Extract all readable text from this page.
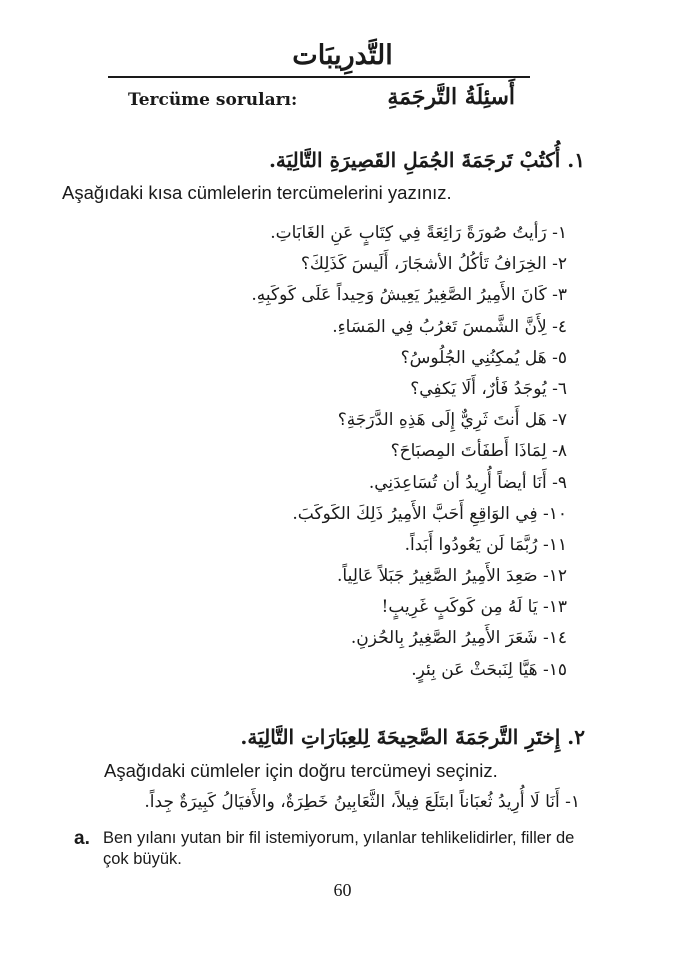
التَّدرِيبَات
Tercüme soruları:	أَسئِلَةُ التَّرجَمَةِ
١. أُكتُبْ تَرجَمَةَ الجُمَلِ القَصِيرَةِ التَّالِيَة.
Aşağıdaki kısa cümlelerin tercümelerini yazınız.
١- رَأيتُ صُورَةً رَائِعَةً فِي كِتَابٍ عَنِ الغَابَاتِ.
٢- الخِرَافُ تَأكُلُ الأشجَارَ، أَلَيسَ كَذَلِكَ؟
٣- كَانَ الأَمِيرُ الصَّغِيرُ يَعِيشُ وَحِيداً عَلَى كَوكَبِهِ.
٤- لِأَنَّ الشَّمسَ تَغرُبُ فِي المَسَاءِ.
٥- هَل يُمكِنُنِي الجُلُوسُ؟
٦- يُوجَدُ فَأرٌ، أَلَا يَكفِي؟
٧- هَل أَنتَ ثَرِيٌّ إِلَى هَذِهِ الدَّرَجَةِ؟
٨- لِمَاذَا أَطفَأتَ المِصبَاحَ؟
٩- أَنَا أيضاً أُرِيدُ أن تُسَاعِدَنِي.
١٠- فِي الوَاقِعِ أَحَبَّ الأَمِيرُ ذَلِكَ الكَوكَبَ.
١١- رُبَّمَا لَن يَعُودُوا أَبَداً.
١٢- صَعِدَ الأَمِيرُ الصَّغِيرُ جَبَلاً عَالِياً.
١٣- يَا لَهُ مِن كَوكَبٍ غَرِيبٍ!
١٤- شَعَرَ الأَمِيرُ الصَّغِيرُ بِالحُزنِ.
١٥- هَيَّا لِنَبحَثْ عَن بِئرٍ.
٢. إِختَرِ التَّرجَمَةَ الصَّحِيحَةَ لِلعِبَارَاتِ التَّالِيَة.
Aşağıdaki cümleler için doğru tercümeyi seçiniz.
١- أَنَا لَا أُرِيدُ ثُعبَاناً ابتَلَعَ فِيلاً، الثَّعَابِينُ خَطِرَةٌ، والأَفيَالُ كَبِيرَةٌ جِداً.
a. Ben yılanı yutan bir fil istemiyorum, yılanlar tehlikelidirler, filler de çok büyük.
60
